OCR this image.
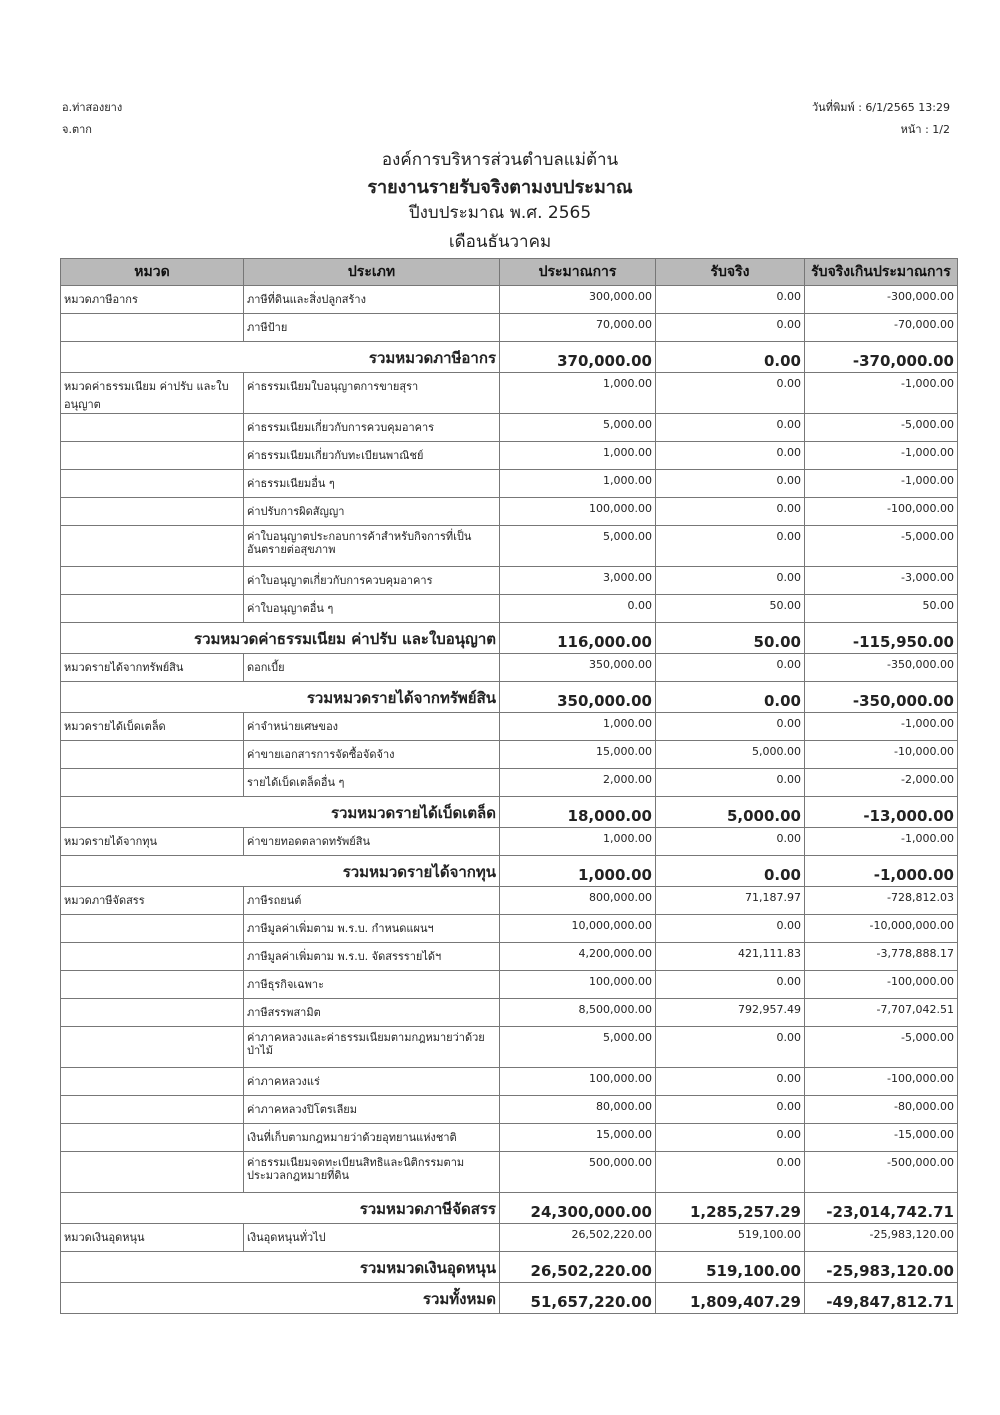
อ.ท่าสองยาง
จ.ตาก
วันที่พิมพ์ : 6/1/2565 13:29
หน้า : 1/2
องค์การบริหารส่วนตำบลแม่ต้าน
รายงานรายรับจริงตามงบประมาณ
ปีงบประมาณ พ.ศ. 2565
เดือนธันวาคม
หมวด	ประเภท	ประมาณการ	รับจริง	รับจริงเกินประมาณการ
หมวดภาษีอากร	ภาษีที่ดินและสิ่งปลูกสร้าง	300,000.00	0.00	-300,000.00
	ภาษีป้าย	70,000.00	0.00	-70,000.00
รวมหมวดภาษีอากร		370,000.00	0.00	-370,000.00
หมวดค่าธรรมเนียม ค่าปรับ และใบอนุญาต	ค่าธรรมเนียมใบอนุญาตการขายสุรา	1,000.00	0.00	-1,000.00
	ค่าธรรมเนียมเกี่ยวกับการควบคุมอาคาร	5,000.00	0.00	-5,000.00
	ค่าธรรมเนียมเกี่ยวกับทะเบียนพาณิชย์	1,000.00	0.00	-1,000.00
	ค่าธรรมเนียมอื่น ๆ	1,000.00	0.00	-1,000.00
	ค่าปรับการผิดสัญญา	100,000.00	0.00	-100,000.00
	ค่าใบอนุญาตประกอบการค้าสำหรับกิจการที่เป็นอันตรายต่อสุขภาพ	5,000.00	0.00	-5,000.00
	ค่าใบอนุญาตเกี่ยวกับการควบคุมอาคาร	3,000.00	0.00	-3,000.00
	ค่าใบอนุญาตอื่น ๆ	0.00	50.00	50.00
รวมหมวดค่าธรรมเนียม ค่าปรับ และใบอนุญาต		116,000.00	50.00	-115,950.00
หมวดรายได้จากทรัพย์สิน	ดอกเบี้ย	350,000.00	0.00	-350,000.00
รวมหมวดรายได้จากทรัพย์สิน		350,000.00	0.00	-350,000.00
หมวดรายได้เบ็ดเตล็ด	ค่าจำหน่ายเศษของ	1,000.00	0.00	-1,000.00
	ค่าขายเอกสารการจัดซื้อจัดจ้าง	15,000.00	5,000.00	-10,000.00
	รายได้เบ็ดเตล็ดอื่น ๆ	2,000.00	0.00	-2,000.00
รวมหมวดรายได้เบ็ดเตล็ด		18,000.00	5,000.00	-13,000.00
หมวดรายได้จากทุน	ค่าขายทอดตลาดทรัพย์สิน	1,000.00	0.00	-1,000.00
รวมหมวดรายได้จากทุน		1,000.00	0.00	-1,000.00
หมวดภาษีจัดสรร	ภาษีรถยนต์	800,000.00	71,187.97	-728,812.03
	ภาษีมูลค่าเพิ่มตาม พ.ร.บ. กำหนดแผนฯ	10,000,000.00	0.00	-10,000,000.00
	ภาษีมูลค่าเพิ่มตาม พ.ร.บ. จัดสรรรายได้ฯ	4,200,000.00	421,111.83	-3,778,888.17
	ภาษีธุรกิจเฉพาะ	100,000.00	0.00	-100,000.00
	ภาษีสรรพสามิต	8,500,000.00	792,957.49	-7,707,042.51
	ค่าภาคหลวงและค่าธรรมเนียมตามกฎหมายว่าด้วยป่าไม้	5,000.00	0.00	-5,000.00
	ค่าภาคหลวงแร่	100,000.00	0.00	-100,000.00
	ค่าภาคหลวงปิโตรเลียม	80,000.00	0.00	-80,000.00
	เงินที่เก็บตามกฎหมายว่าด้วยอุทยานแห่งชาติ	15,000.00	0.00	-15,000.00
	ค่าธรรมเนียมจดทะเบียนสิทธิและนิติกรรมตามประมวลกฎหมายที่ดิน	500,000.00	0.00	-500,000.00
รวมหมวดภาษีจัดสรร		24,300,000.00	1,285,257.29	-23,014,742.71
หมวดเงินอุดหนุน	เงินอุดหนุนทั่วไป	26,502,220.00	519,100.00	-25,983,120.00
รวมหมวดเงินอุดหนุน		26,502,220.00	519,100.00	-25,983,120.00
รวมทั้งหมด		51,657,220.00	1,809,407.29	-49,847,812.71
